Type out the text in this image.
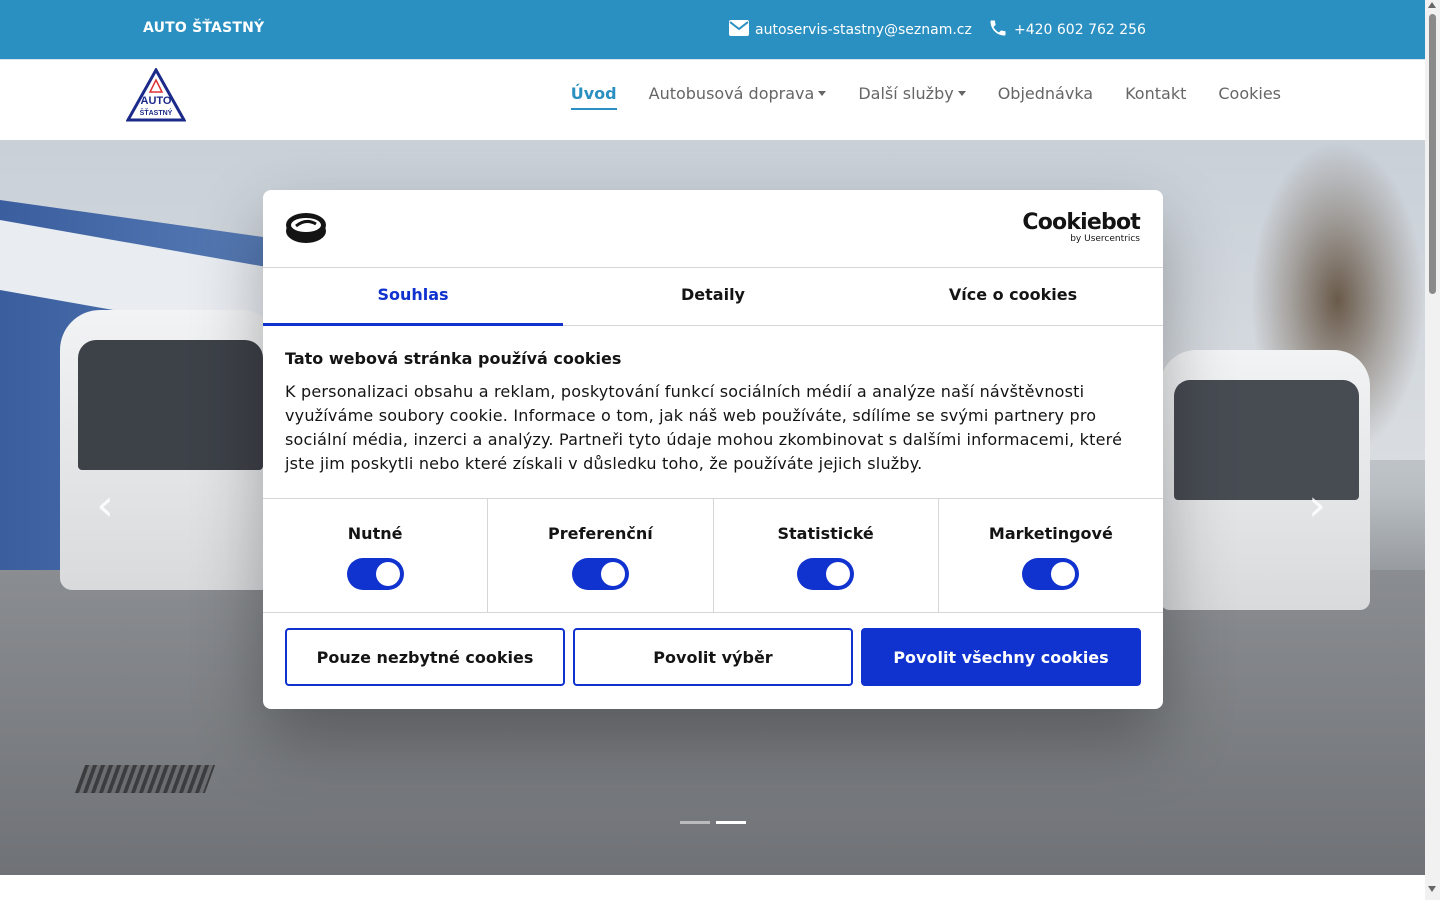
AUTO ŠŤASTNÝ	autoservis-stastny@seznam.cz	+420 602 762 256
AUTO
ŠŤASTNÝ
Úvod Autobusová doprava	Další služby	Objednávka Kontakt Cookies
‹	›
Cookiebot
by Usercentrics
Souhlas	Detaily	Více o cookies
Tato webová stránka používá cookies

K personalizaci obsahu a reklam, poskytování funkcí sociálních médií a analýze naší návštěvnosti využíváme soubory cookie. Informace o tom, jak náš web používáte, sdílíme se svými partnery pro sociální média, inzerci a analýzy. Partneři tyto údaje mohou zkombinovat s dalšími informacemi, které jste jim poskytli nebo které získali v důsledku toho, že používáte jejich služby.

Nutné	Preferenční	Statistické	Marketingové
Pouze nezbytné cookies	Povolit výběr	Povolit všechny cookies
